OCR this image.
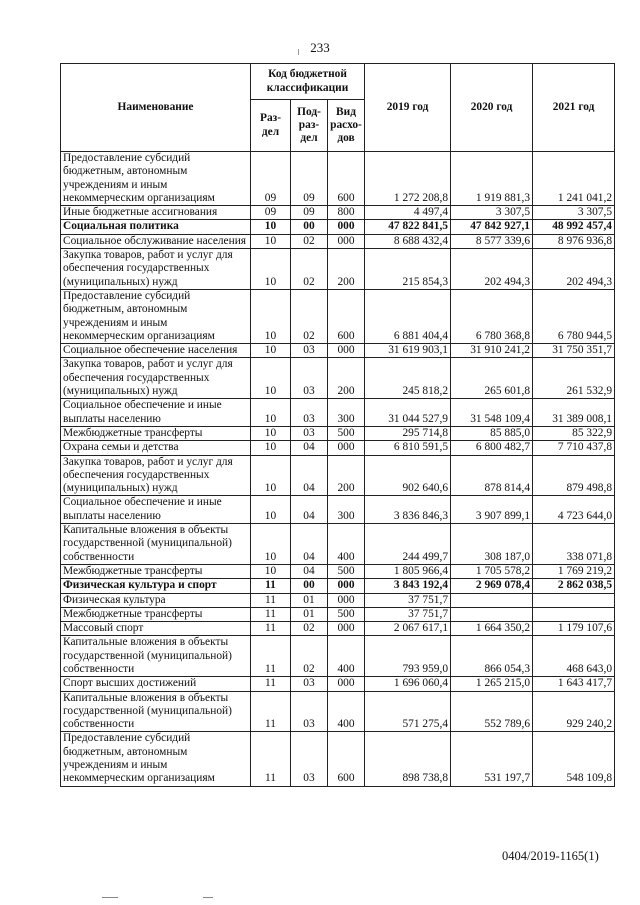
233
Наименование	Код бюджетной классификации			2019 год	2020 год	2021 год
	Раз-дел	Под-раз-дел	Вид расхо-дов			
Предоставление субсидий бюджетным, автономным учреждениям и иным некоммерческим организациям	09	09	600	1 272 208,8	1 919 881,3	1 241 041,2
Иные бюджетные ассигнования	09	09	800	4 497,4	3 307,5	3 307,5
Социальная политика	10	00	000	47 822 841,5	47 842 927,1	48 992 457,4
Социальное обслуживание населения	10	02	000	8 688 432,4	8 577 339,6	8 976 936,8
Закупка товаров, работ и услуг для обеспечения государственных (муниципальных) нужд	10	02	200	215 854,3	202 494,3	202 494,3
Предоставление субсидий бюджетным, автономным учреждениям и иным некоммерческим организациям	10	02	600	6 881 404,4	6 780 368,8	6 780 944,5
Социальное обеспечение населения	10	03	000	31 619 903,1	31 910 241,2	31 750 351,7
Закупка товаров, работ и услуг для обеспечения государственных (муниципальных) нужд	10	03	200	245 818,2	265 601,8	261 532,9
Социальное обеспечение и иные выплаты населению	10	03	300	31 044 527,9	31 548 109,4	31 389 008,1
Межбюджетные трансферты	10	03	500	295 714,8	85 885,0	85 322,9
Охрана семьи и детства	10	04	000	6 810 591,5	6 800 482,7	7 710 437,8
Закупка товаров, работ и услуг для обеспечения государственных (муниципальных) нужд	10	04	200	902 640,6	878 814,4	879 498,8
Социальное обеспечение и иные выплаты населению	10	04	300	3 836 846,3	3 907 899,1	4 723 644,0
Капитальные вложения в объекты государственной (муниципальной) собственности	10	04	400	244 499,7	308 187,0	338 071,8
Межбюджетные трансферты	10	04	500	1 805 966,4	1 705 578,2	1 769 219,2
Физическая культура и спорт	11	00	000	3 843 192,4	2 969 078,4	2 862 038,5
Физическая культура	11	01	000	37 751,7		
Межбюджетные трансферты	11	01	500	37 751,7		
Массовый спорт	11	02	000	2 067 617,1	1 664 350,2	1 179 107,6
Капитальные вложения в объекты государственной (муниципальной) собственности	11	02	400	793 959,0	866 054,3	468 643,0
Спорт высших достижений	11	03	000	1 696 060,4	1 265 215,0	1 643 417,7
Капитальные вложения в объекты государственной (муниципальной) собственности	11	03	400	571 275,4	552 789,6	929 240,2
Предоставление субсидий бюджетным, автономным учреждениям и иным некоммерческим организациям	11	03	600	898 738,8	531 197,7	548 109,8
0404/2019-1165(1)
